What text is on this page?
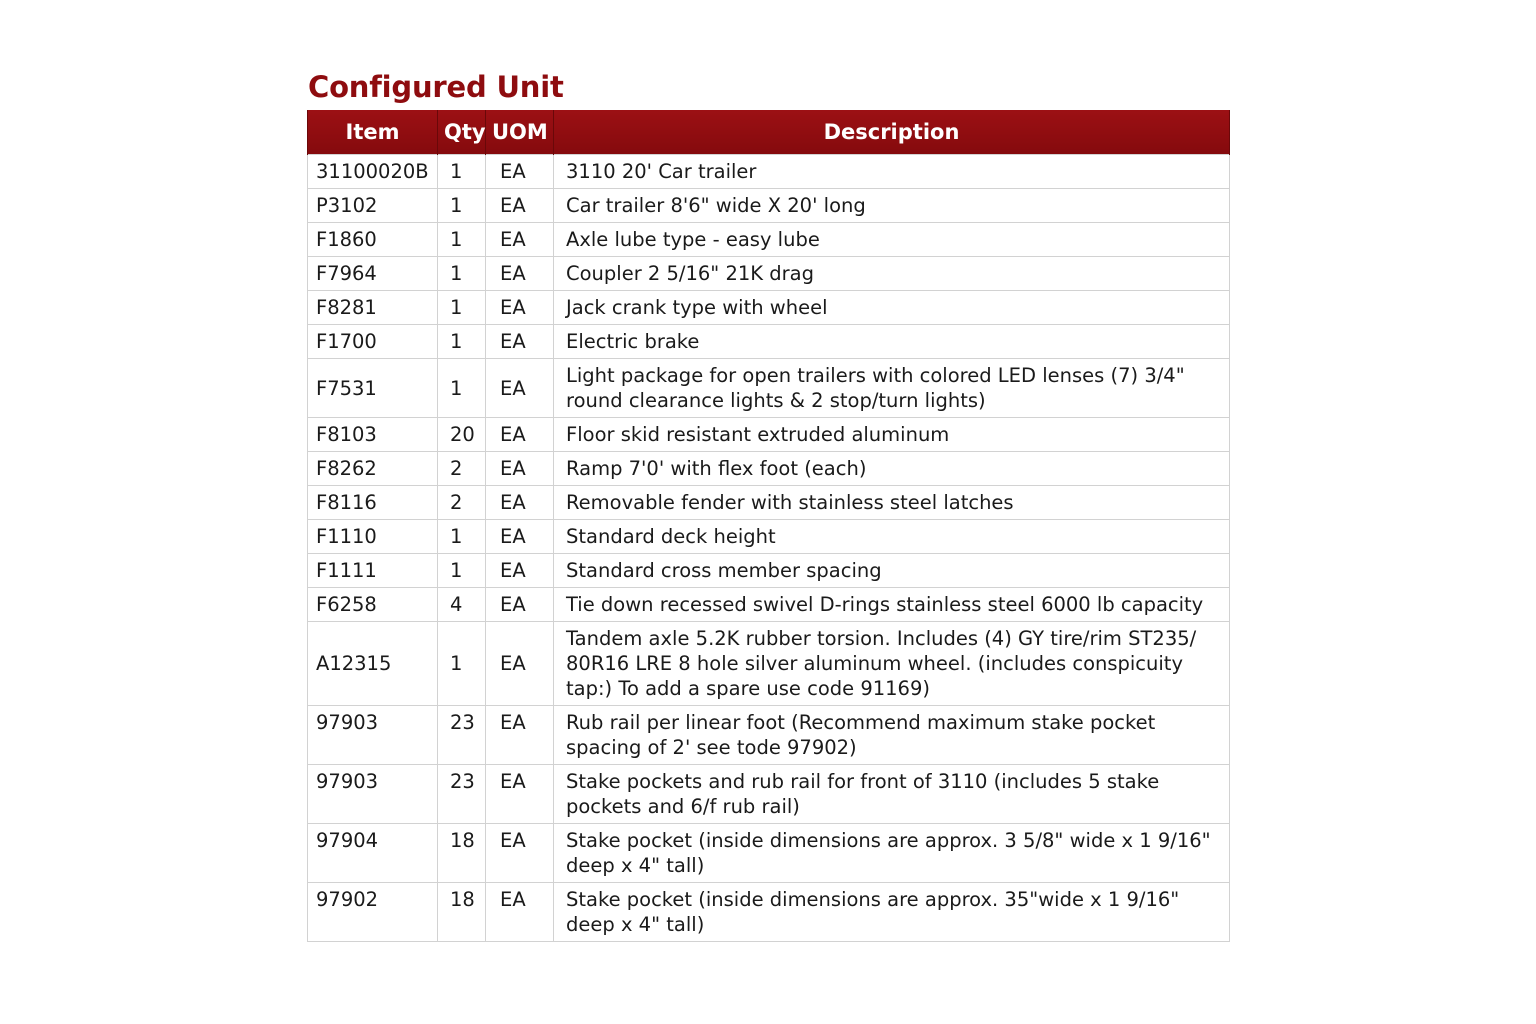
Configured Unit
Item	Qty	UOM	Description
31100020B	1	EA	3110 20' Car trailer
P3102	1	EA	Car trailer 8'6" wide X 20' long
F1860	1	EA	Axle lube type - easy lube
F7964	1	EA	Coupler 2 5/16" 21K drag
F8281	1	EA	Jack crank type with wheel
F1700	1	EA	Electric brake
F7531	1	EA	Light package for open trailers with colored LED lenses (7) 3/4" round clearance lights & 2 stop/turn lights)
F8103	20	EA	Floor skid resistant extruded aluminum
F8262	2	EA	Ramp 7'0' with flex foot (each)
F8116	2	EA	Removable fender with stainless steel latches
F1110	1	EA	Standard deck height
F1111	1	EA	Standard cross member spacing
F6258	4	EA	Tie down recessed swivel D-rings stainless steel 6000 lb capacity
A12315	1	EA	Tandem axle 5.2K rubber torsion. Includes (4) GY tire/rim ST235/ 80R16 LRE 8 hole silver aluminum wheel. (includes conspicuity tap:) To add a spare use code 91169)
97903	23	EA	Rub rail per linear foot (Recommend maximum stake pocket spacing of 2' see tode 97902)
97903	23	EA	Stake pockets and rub rail for front of 3110 (includes 5 stake pockets and 6/f rub rail)
97904	18	EA	Stake pocket (inside dimensions are approx. 3 5/8" wide x 1 9/16" deep x 4" tall)
97902	18	EA	Stake pocket (inside dimensions are approx. 35"wide x 1 9/16" deep x 4" tall)
